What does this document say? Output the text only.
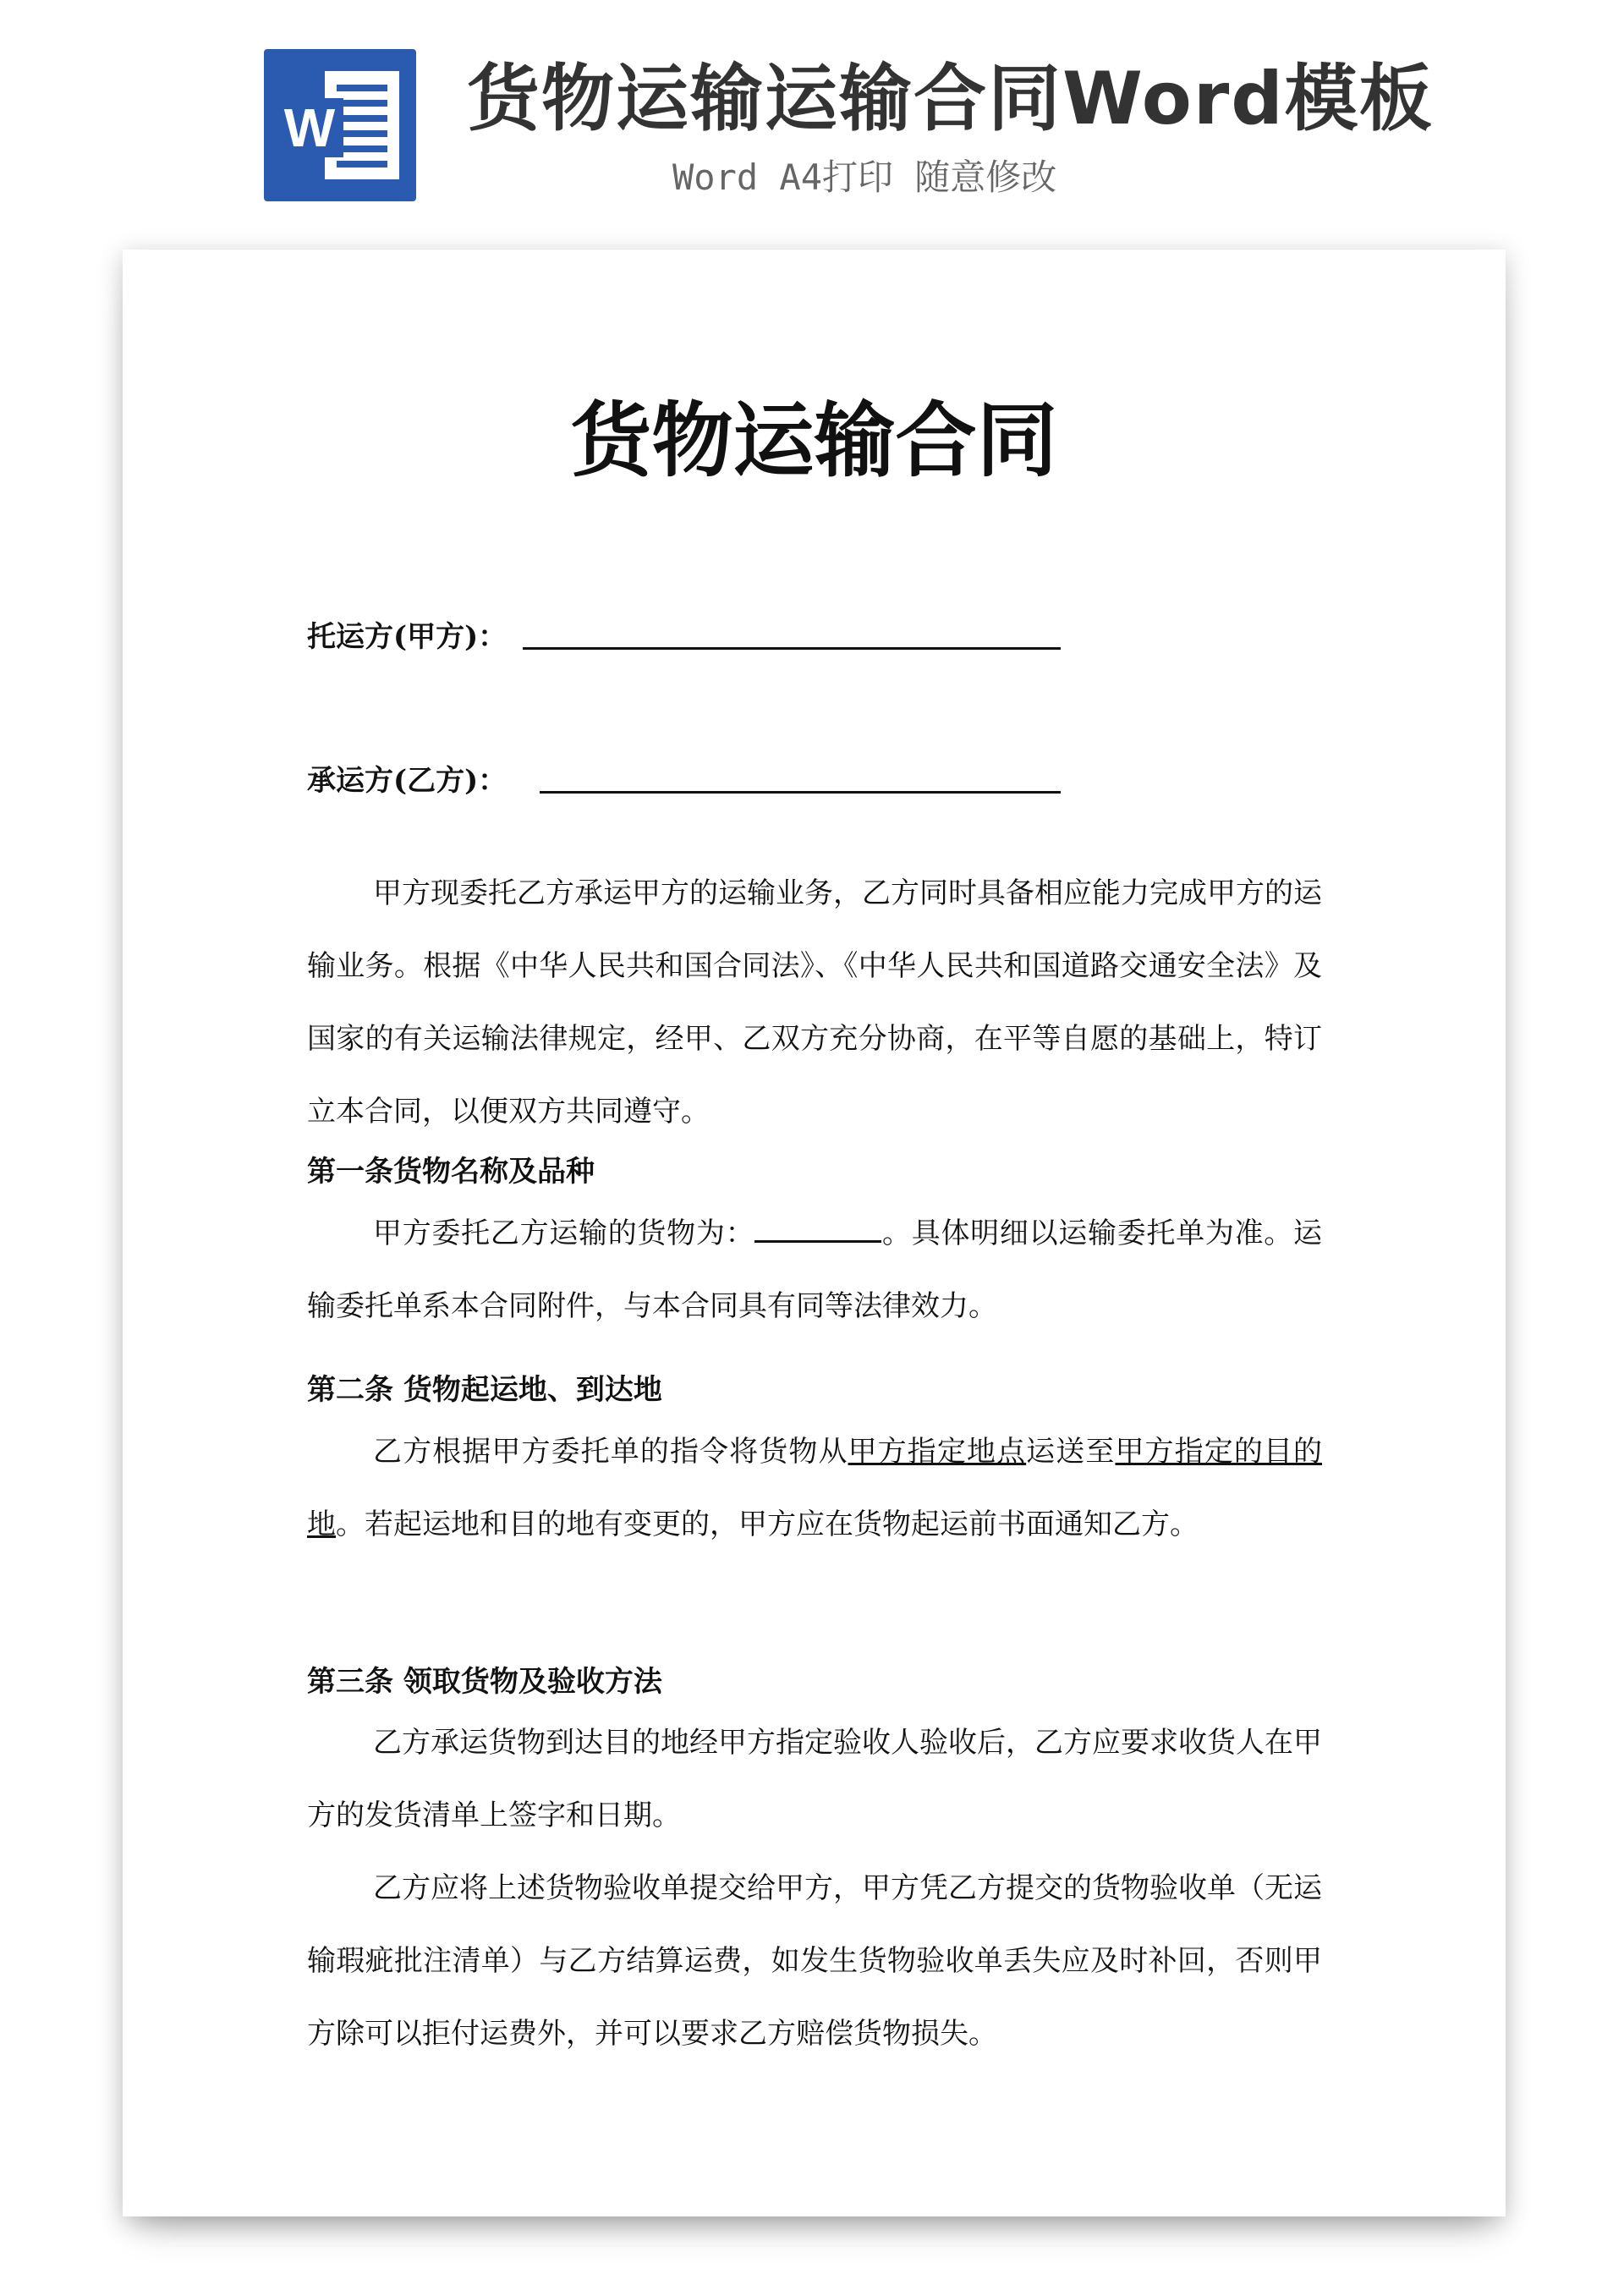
W 货物运输运输合同Word模板
Word A4打印 随意修改
货物运输合同
托运方(甲方)：
承运方(乙方)：
甲方现委托乙方承运甲方的运输业务，乙方同时具备相应能力完成甲方的运输业务。根据《中华人民共和国合同法》、《中华人民共和国道路交通安全法》及国家的有关运输法律规定，经甲、乙双方充分协商，在平等自愿的基础上，特订立本合同，以便双方共同遵守。
第一条货物名称及品种
甲方委托乙方运输的货物为：	。具体明细以运输委托单为准。运输委托单系本合同附件，与本合同具有同等法律效力。
第二条 货物起运地、到达地
乙方根据甲方委托单的指令将货物从甲方指定地点运送至甲方指定的目的地。若起运地和目的地有变更的，甲方应在货物起运前书面通知乙方。
第三条 领取货物及验收方法
乙方承运货物到达目的地经甲方指定验收人验收后，乙方应要求收货人在甲方的发货清单上签字和日期。
乙方应将上述货物验收单提交给甲方，甲方凭乙方提交的货物验收单（无运输瑕疵批注清单）与乙方结算运费，如发生货物验收单丢失应及时补回，否则甲方除可以拒付运费外，并可以要求乙方赔偿货物损失。
